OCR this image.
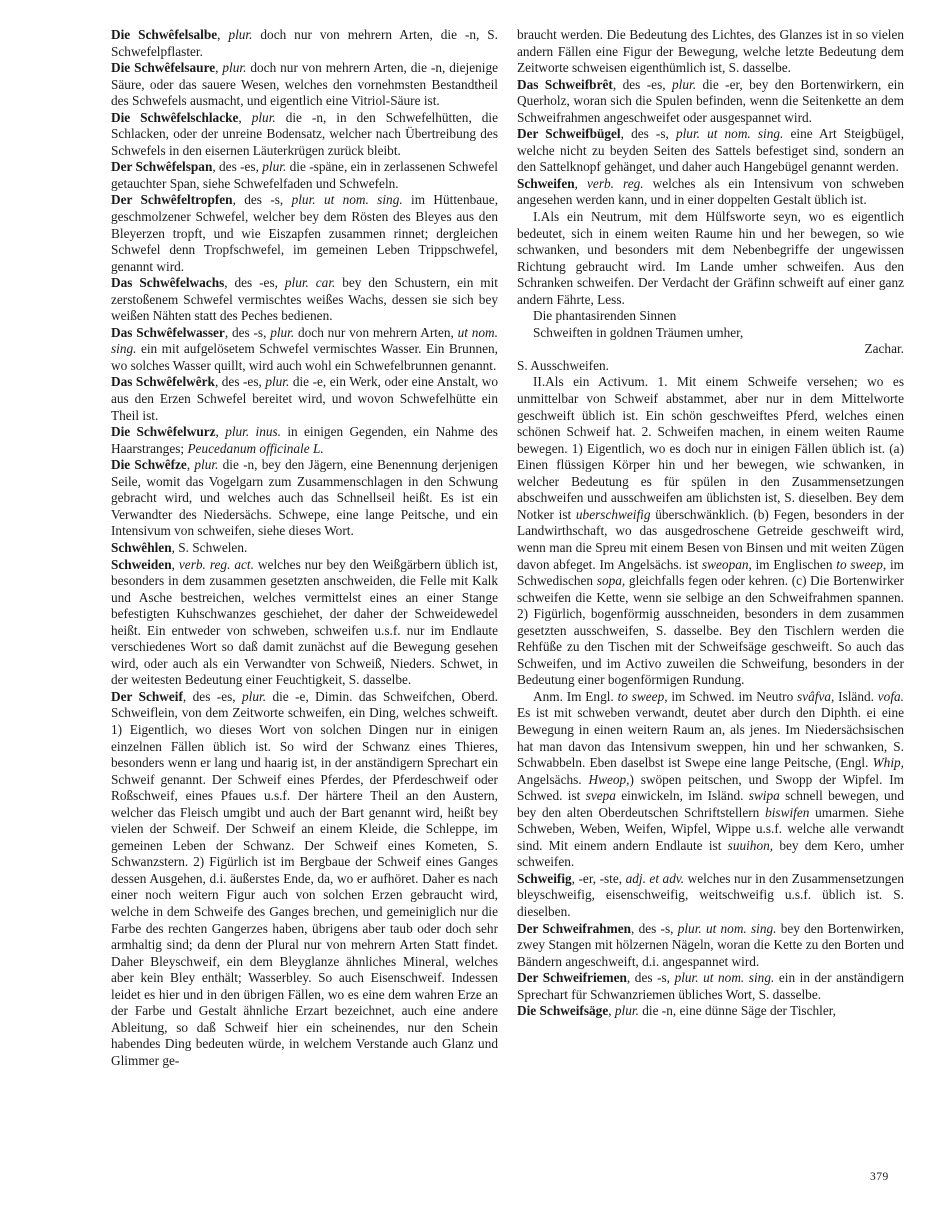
Die Schwêfelsalbe, plur. doch nur von mehrern Arten, die -n, S. Schwefelpflaster.

Die Schwêfelsaure, plur. doch nur von mehrern Arten, die -n, diejenige Säure, oder das sauere Wesen, welches den vornehmsten Bestandtheil des Schwefels ausmacht, und eigentlich eine Vitriol-Säure ist.

Die Schwêfelschlacke, plur. die -n, in den Schwefelhütten, die Schlacken, oder der unreine Bodensatz, welcher nach Übertreibung des Schwefels in den eisernen Läuterkrügen zurück bleibt.

Der Schwêfelspan, des -es, plur. die -späne, ein in zerlassenen Schwefel getauchter Span, siehe Schwefelfaden und Schwefeln.

Der Schwêfeltropfen, des -s, plur. ut nom. sing. im Hüttenbaue, geschmolzener Schwefel, welcher bey dem Rösten des Bleyes aus den Bleyerzen tropft, und wie Eiszapfen zusammen rinnet; dergleichen Schwefel denn Tropfschwefel, im gemeinen Leben Trippschwefel, genannt wird.

Das Schwêfelwachs, des -es, plur. car. bey den Schustern, ein mit zerstoßenem Schwefel vermischtes weißes Wachs, dessen sie sich bey weißen Nähten statt des Peches bedienen.

Das Schwêfelwasser, des -s, plur. doch nur von mehrern Arten, ut nom. sing. ein mit aufgelösetem Schwefel vermischtes Wasser. Ein Brunnen, wo solches Wasser quillt, wird auch wohl ein Schwefelbrunnen genannt.

Das Schwêfelwêrk, des -es, plur. die -e, ein Werk, oder eine Anstalt, wo aus den Erzen Schwefel bereitet wird, und wovon Schwefelhütte ein Theil ist.

Die Schwêfelwurz, plur. inus. in einigen Gegenden, ein Nahme des Haarstranges; Peucedanum officinale L.

Die Schwêfze, plur. die -n, bey den Jägern, eine Benennung derjenigen Seile, womit das Vogelgarn zum Zusammenschlagen in den Schwung gebracht wird, und welches auch das Schnellseil heißt. Es ist ein Verwandter des Niedersächs. Schwepe, eine lange Peitsche, und ein Intensivum von schweifen, siehe dieses Wort.

Schwêhlen, S. Schwelen.

Schweiden, verb. reg. act. welches nur bey den Weißgärbern üblich ist, besonders in dem zusammen gesetzten anschweiden, die Felle mit Kalk und Asche bestreichen, welches vermittelst eines an einer Stange befestigten Kuhschwanzes geschiehet, der daher der Schweidewedel heißt. Ein entweder von schweben, schweifen u.s.f. nur im Endlaute verschiedenes Wort so daß damit zunächst auf die Bewegung gesehen wird, oder auch als ein Verwandter von Schweiß, Nieders. Schwet, in der weitesten Bedeutung einer Feuchtigkeit, S. dasselbe.

Der Schweif, des -es, plur. die -e, Dimin. das Schweifchen, Oberd. Schweiflein, von dem Zeitworte schweifen, ein Ding, welches schweift. 1) Eigentlich, wo dieses Wort von solchen Dingen nur in einigen einzelnen Fällen üblich ist. So wird der Schwanz eines Thieres, besonders wenn er lang und haarig ist, in der anständigern Sprechart ein Schweif genannt. Der Schweif eines Pferdes, der Pferdeschweif oder Roßschweif, eines Pfaues u.s.f. Der härtere Theil an den Austern, welcher das Fleisch umgibt und auch der Bart genannt wird, heißt bey vielen der Schweif. Der Schweif an einem Kleide, die Schleppe, im gemeinen Leben der Schwanz. Der Schweif eines Kometen, S. Schwanzstern. 2) Figürlich ist im Bergbaue der Schweif eines Ganges dessen Ausgehen, d.i. äußerstes Ende, da, wo er aufhöret. Daher es nach einer noch weitern Figur auch von solchen Erzen gebraucht wird, welche in dem Schweife des Ganges brechen, und gemeiniglich nur die Farbe des rechten Gangerzes haben, übrigens aber taub oder doch sehr armhaltig sind; da denn der Plural nur von mehrern Arten Statt findet. Daher Bleyschweif, ein dem Bleyglanze ähnliches Mineral, welches aber kein Bley enthält; Wasserbley. So auch Eisenschweif. Indessen leidet es hier und in den übrigen Fällen, wo es eine dem wahren Erze an der Farbe und Gestalt ähnliche Erzart bezeichnet, auch eine andere Ableitung, so daß Schweif hier ein scheinendes, nur den Schein habendes Ding bedeuten würde, in welchem Verstande auch Glanz und Glimmer ge-

braucht werden. Die Bedeutung des Lichtes, des Glanzes ist in so vielen andern Fällen eine Figur der Bewegung, welche letzte Bedeutung dem Zeitworte schweisen eigenthümlich ist, S. dasselbe.

Das Schweifbrêt, des -es, plur. die -er, bey den Bortenwirkern, ein Querholz, woran sich die Spulen befinden, wenn die Seitenkette an dem Schweifrahmen angeschweifet oder ausgespannet wird.

Der Schweifbügel, des -s, plur. ut nom. sing. eine Art Steigbügel, welche nicht zu beyden Seiten des Sattels befestiget sind, sondern an den Sattelknopf gehänget, und daher auch Hangebügel genannt werden.

Schweifen, verb. reg. welches als ein Intensivum von schweben angesehen werden kann, und in einer doppelten Gestalt üblich ist.

I.Als ein Neutrum, mit dem Hülfsworte seyn, wo es eigentlich bedeutet, sich in einem weiten Raume hin und her bewegen, so wie schwanken, und besonders mit dem Nebenbegriffe der ungewissen Richtung gebraucht wird. Im Lande umher schweifen. Aus den Schranken schweifen. Der Verdacht der Gräfinn schweift auf einer ganz andern Fährte, Less.

Die phantasirenden Sinnen

Schweiften in goldnen Träumen umher,

Zachar.

S. Ausschweifen.

II.Als ein Activum. 1. Mit einem Schweife versehen; wo es unmittelbar von Schweif abstammet, aber nur in dem Mittelworte geschweift üblich ist. Ein schön geschweiftes Pferd, welches einen schönen Schweif hat. 2. Schweifen machen, in einem weiten Raume bewegen. 1) Eigentlich, wo es doch nur in einigen Fällen üblich ist. (a) Einen flüssigen Körper hin und her bewegen, wie schwanken, in welcher Bedeutung es für spülen in den Zusammensetzungen abschweifen und ausschweifen am üblichsten ist, S. dieselben. Bey dem Notker ist uberschweifig überschwänklich. (b) Fegen, besonders in der Landwirthschaft, wo das ausgedroschene Getreide geschweift wird, wenn man die Spreu mit einem Besen von Binsen und mit weiten Zügen davon abfeget. Im Angelsächs. ist sweopan, im Englischen to sweep, im Schwedischen sopa, gleichfalls fegen oder kehren. (c) Die Bortenwirker schweifen die Kette, wenn sie selbige an den Schweifrahmen spannen. 2) Figürlich, bogenförmig ausschneiden, besonders in dem zusammen gesetzten ausschweifen, S. dasselbe. Bey den Tischlern werden die Rehfüße zu den Tischen mit der Schweifsäge geschweift. So auch das Schweifen, und im Activo zuweilen die Schweifung, besonders in der Bedeutung einer bogenförmigen Rundung.

Anm. Im Engl. to sweep, im Schwed. im Neutro svâfva, Isländ. vofa. Es ist mit schweben verwandt, deutet aber durch den Diphth. ei eine Bewegung in einen weitern Raum an, als jenes. Im Niedersächsischen hat man davon das Intensivum sweppen, hin und her schwanken, S. Schwabbeln. Eben daselbst ist Swepe eine lange Peitsche, (Engl. Whip, Angelsächs. Hweop,) swöpen peitschen, und Swopp der Wipfel. Im Schwed. ist svepa einwickeln, im Isländ. swipa schnell bewegen, und bey den alten Oberdeutschen Schriftstellern biswifen umarmen. Siehe Schweben, Weben, Weifen, Wipfel, Wippe u.s.f. welche alle verwandt sind. Mit einem andern Endlaute ist suuihon, bey dem Kero, umher schweifen.

Schweifig, -er, -ste, adj. et adv. welches nur in den Zusammensetzungen bleyschweifig, eisenschweifig, weitschweifig u.s.f. üblich ist. S. dieselben.

Der Schweifrahmen, des -s, plur. ut nom. sing. bey den Bortenwirken, zwey Stangen mit hölzernen Nägeln, woran die Kette zu den Borten und Bändern angeschweift, d.i. angespannet wird.

Der Schweifriemen, des -s, plur. ut nom. sing. ein in der anständigern Sprechart für Schwanzriemen übliches Wort, S. dasselbe.

Die Schweifsäge, plur. die -n, eine dünne Säge der Tischler,

379
